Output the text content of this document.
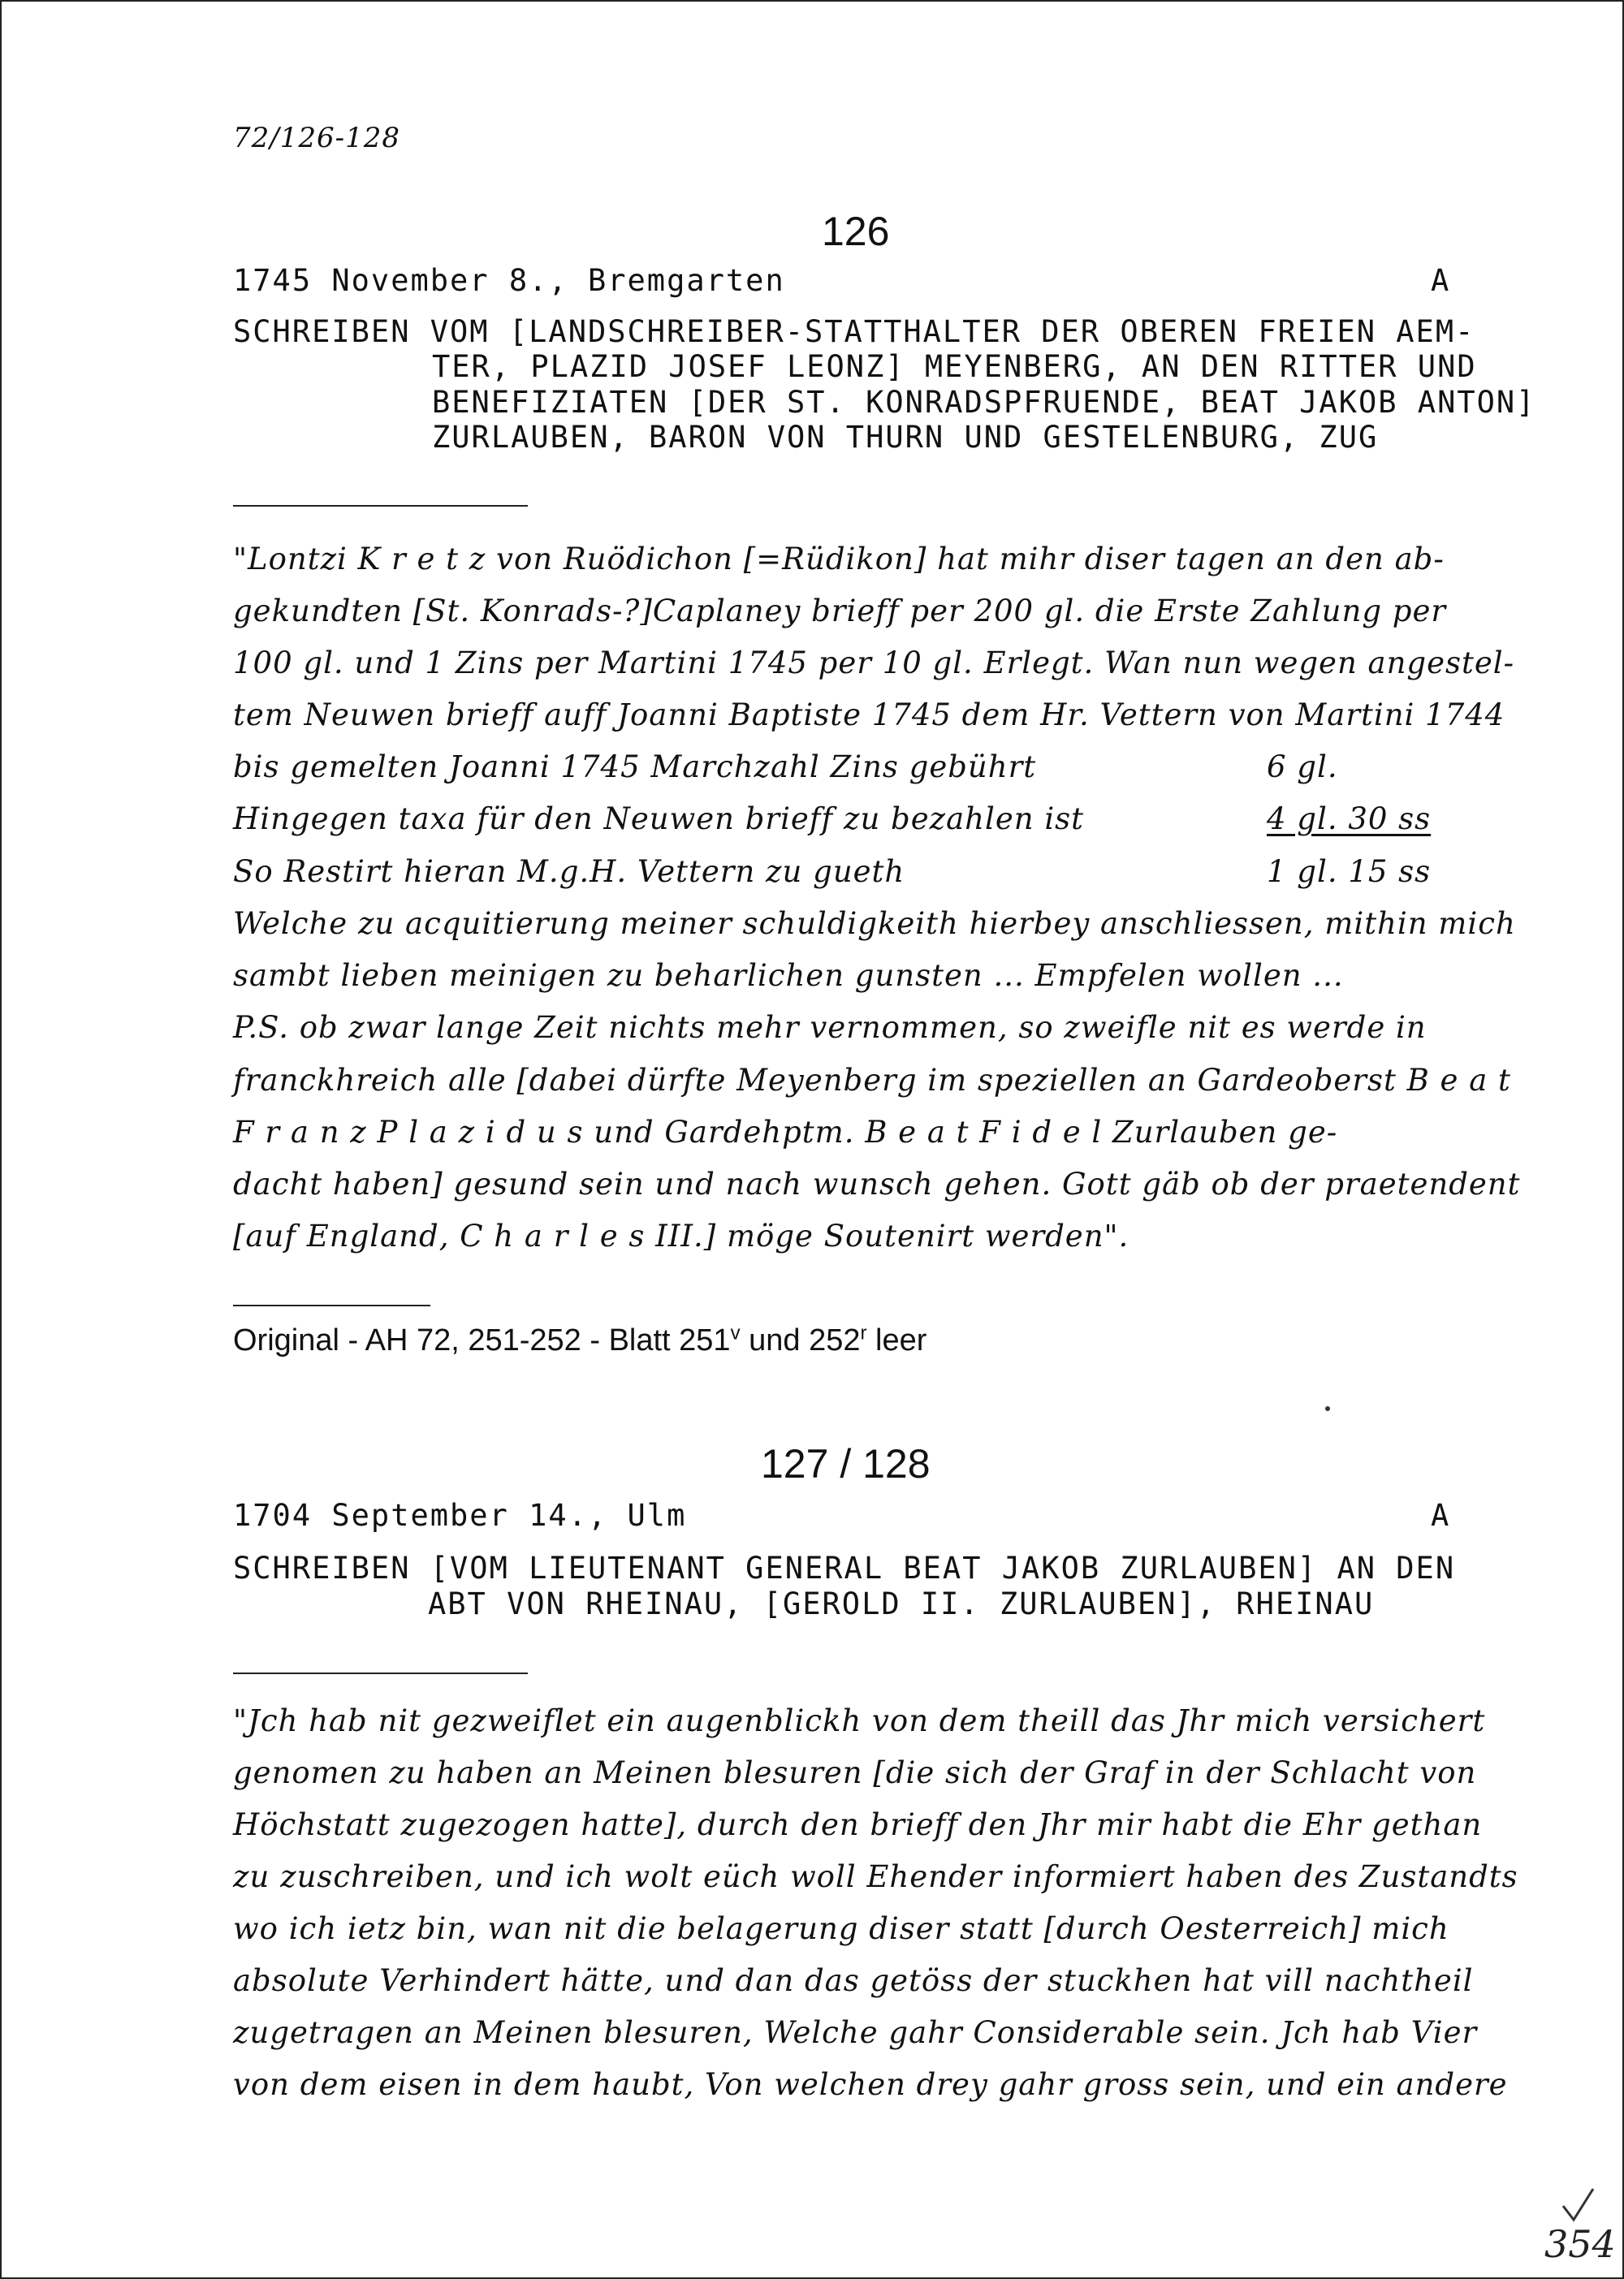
72/126-128
126
1745 November 8., Bremgarten	A
SCHREIBEN VOM [LANDSCHREIBER-STATTHALTER DER OBEREN FREIEN AEM-
TER, PLAZID JOSEF LEONZ] MEYENBERG, AN DEN RITTER UND
BENEFIZIATEN [DER ST. KONRADSPFRUENDE, BEAT JAKOB ANTON]
ZURLAUBEN, BARON VON THURN UND GESTELENBURG, ZUG
"Lontzi K r e t z von Ruödichon [=Rüdikon] hat mihr diser tagen an den ab-
gekundten [St. Konrads-?]Caplaney brieff per 200 gl. die Erste Zahlung per
100 gl. und 1 Zins per Martini 1745 per 10 gl. Erlegt. Wan nun wegen angestel-
tem Neuwen brieff auff Joanni Baptiste 1745 dem Hr. Vettern von Martini 1744
bis gemelten Joanni 1745 Marchzahl Zins gebührt	6 gl.
Hingegen taxa für den Neuwen brieff zu bezahlen ist	4 gl. 30 ss
So Restirt hieran M.g.H. Vettern zu gueth	1 gl. 15 ss
Welche zu acquitierung meiner schuldigkeith hierbey anschliessen, mithin mich
sambt lieben meinigen zu beharlichen gunsten ... Empfelen wollen ...
P.S. ob zwar lange Zeit nichts mehr vernommen, so zweifle nit es werde in
franckhreich alle [dabei dürfte Meyenberg im speziellen an Gardeoberst B e a t
F r a n z P l a z i d u s und Gardehptm. B e a t F i d e l Zurlauben ge-
dacht haben] gesund sein und nach wunsch gehen. Gott gäb ob der praetendent
[auf England, C h a r l e s III.] möge Soutenirt werden".
Original - AH 72, 251-252 - Blatt 251$^v$ und 252$^r$ leer
127 / 128
1704 September 14., Ulm	A
SCHREIBEN [VOM LIEUTENANT GENERAL BEAT JAKOB ZURLAUBEN] AN DEN
ABT VON RHEINAU, [GEROLD II. ZURLAUBEN], RHEINAU
"Jch hab nit gezweiflet ein augenblickh von dem theill das Jhr mich versichert
genomen zu haben an Meinen blesuren [die sich der Graf in der Schlacht von
Höchstatt zugezogen hatte], durch den brieff den Jhr mir habt die Ehr gethan
zu zuschreiben, und ich wolt eüch woll Ehender informiert haben des Zustandts
wo ich ietz bin, wan nit die belagerung diser statt [durch Oesterreich] mich
absolute Verhindert hätte, und dan das getöss der stuckhen hat vill nachtheil
zugetragen an Meinen blesuren, Welche gahr Considerable sein. Jch hab Vier
von dem eisen in dem haubt, Von welchen drey gahr gross sein, und ein andere
354
